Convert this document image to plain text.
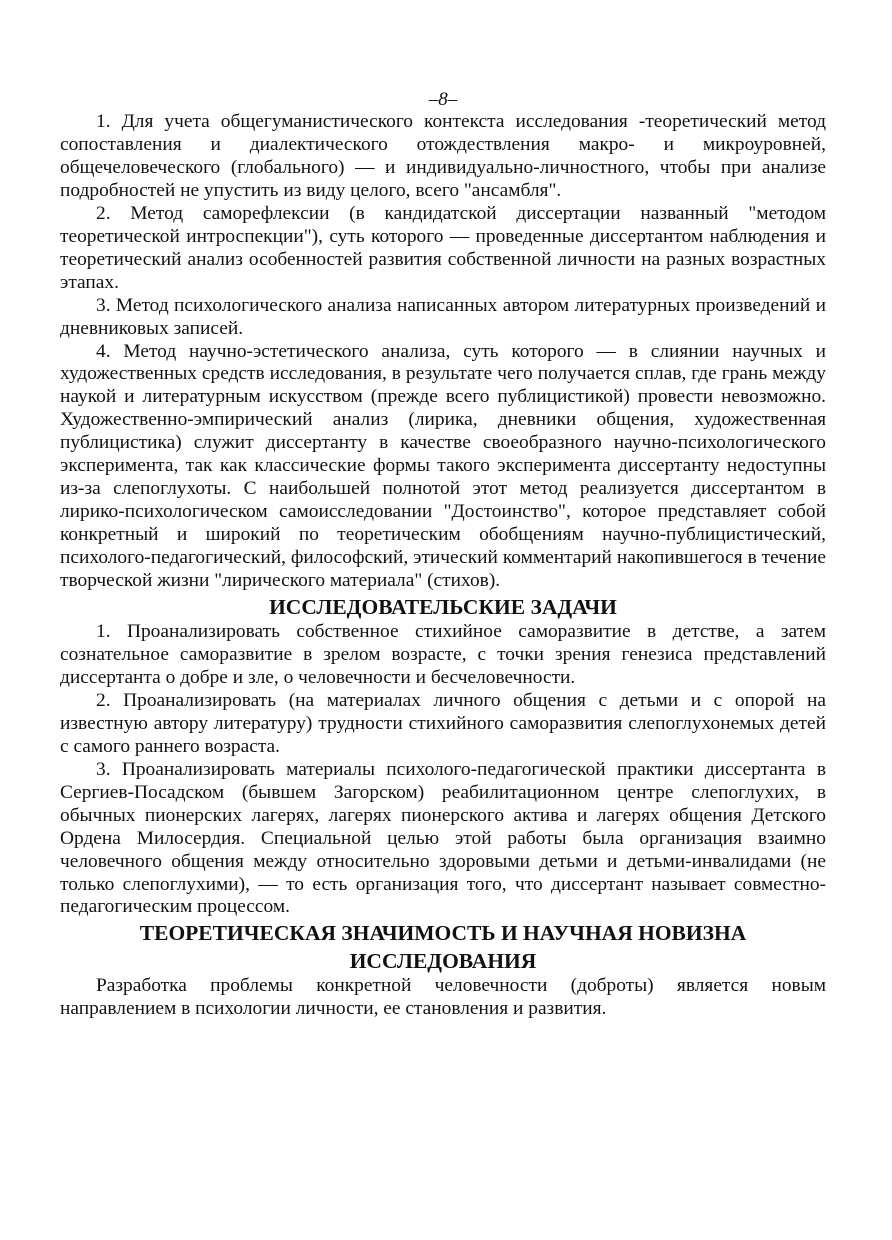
–8–

1. Для учета общегуманистического контекста исследования -теоретический метод сопоставления и диалектического отождествления макро- и микроуровней, общечеловеческого (глобального) — и индивидуально-личностного, чтобы при анализе подробностей не упустить из виду целого, всего "ансамбля".

2. Метод саморефлексии (в кандидатской диссертации названный "методом теоретической интроспекции"), суть которого — проведенные диссертантом наблюдения и теоретический анализ особенностей развития собственной личности на разных возрастных этапах.

3. Метод психологического анализа написанных автором литературных произведений и дневниковых записей.

4. Метод научно-эстетического анализа, суть которого — в слиянии научных и художественных средств исследования, в результате чего получается сплав, где грань между наукой и литературным искусством (прежде всего публицистикой) провести невозможно. Художественно-эмпирический анализ (лирика, дневники общения, художественная публицистика) служит диссертанту в качестве своеобразного научно-психологического эксперимента, так как классические формы такого эксперимента диссертанту недоступны из-за слепоглухоты. С наибольшей полнотой этот метод реализуется диссертантом в лирико-психологическом самоисследовании "Достоинство", которое представляет собой конкретный и широкий по теоретическим обобщениям научно-публицистический, психолого-педагогический, философский, этический комментарий накопившегося в течение творческой жизни "лирического материала" (стихов).

ИССЛЕДОВАТЕЛЬСКИЕ ЗАДАЧИ

1. Проанализировать собственное стихийное саморазвитие в детстве, а затем сознательное саморазвитие в зрелом возрасте, с точки зрения генезиса представлений диссертанта о добре и зле, о человечности и бесчеловечности.

2. Проанализировать (на материалах личного общения с детьми и с опорой на известную автору литературу) трудности стихийного саморазвития слепоглухонемых детей с самого раннего возраста.

3. Проанализировать материалы психолого-педагогической практики диссертанта в Сергиев-Посадском (бывшем Загорском) реабилитационном центре слепоглухих, в обычных пионерских лагерях, лагерях пионерского актива и лагерях общения Детского Ордена Милосердия. Специальной целью этой работы была организация взаимно человечного общения между относительно здоровыми детьми и детьми-инвалидами (не только слепоглухими), — то есть организация того, что диссертант называет совместно-педагогическим процессом.

ТЕОРЕТИЧЕСКАЯ ЗНАЧИМОСТЬ И НАУЧНАЯ НОВИЗНА
ИССЛЕДОВАНИЯ

Разработка проблемы конкретной человечности (доброты) является новым направлением в психологии личности, ее становления и развития.
